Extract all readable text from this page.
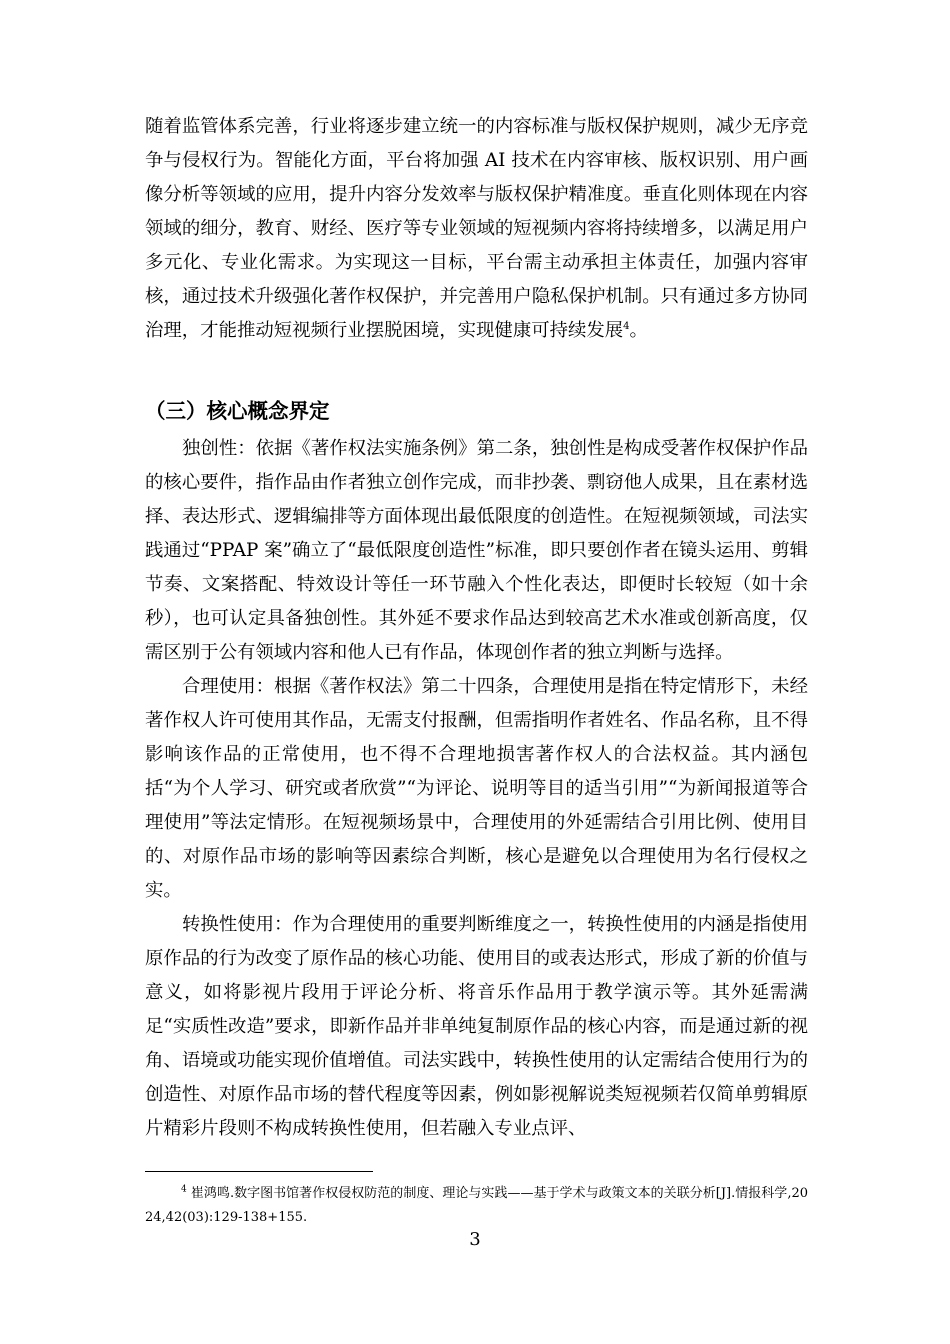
随着监管体系完善，行业将逐步建立统一的内容标准与版权保护规则，减少无序竞争与侵权行为。智能化方面，平台将加强 AI 技术在内容审核、版权识别、用户画像分析等领域的应用，提升内容分发效率与版权保护精准度。垂直化则体现在内容领域的细分，教育、财经、医疗等专业领域的短视频内容将持续增多，以满足用户多元化、专业化需求。为实现这一目标，平台需主动承担主体责任，加强内容审核，通过技术升级强化著作权保护，并完善用户隐私保护机制。只有通过多方协同治理，才能推动短视频行业摆脱困境，实现健康可持续发展$^4$。

（三）核心概念界定

独创性：依据《著作权法实施条例》第二条，独创性是构成受著作权保护作品的核心要件，指作品由作者独立创作完成，而非抄袭、剽窃他人成果，且在素材选择、表达形式、逻辑编排等方面体现出最低限度的创造性。在短视频领域，司法实践通过“PPAP 案”确立了“最低限度创造性”标准，即只要创作者在镜头运用、剪辑节奏、文案搭配、特效设计等任一环节融入个性化表达，即便时长较短（如十余秒），也可认定具备独创性。其外延不要求作品达到较高艺术水准或创新高度，仅需区别于公有领域内容和他人已有作品，体现创作者的独立判断与选择。

合理使用：根据《著作权法》第二十四条，合理使用是指在特定情形下，未经著作权人许可使用其作品，无需支付报酬，但需指明作者姓名、作品名称，且不得影响该作品的正常使用，也不得不合理地损害著作权人的合法权益。其内涵包括“为个人学习、研究或者欣赏”“为评论、说明等目的适当引用”“为新闻报道等合理使用”等法定情形。在短视频场景中，合理使用的外延需结合引用比例、使用目的、对原作品市场的影响等因素综合判断，核心是避免以合理使用为名行侵权之实。

转换性使用：作为合理使用的重要判断维度之一，转换性使用的内涵是指使用原作品的行为改变了原作品的核心功能、使用目的或表达形式，形成了新的价值与意义，如将影视片段用于评论分析、将音乐作品用于教学演示等。其外延需满足“实质性改造”要求，即新作品并非单纯复制原作品的核心内容，而是通过新的视角、语境或功能实现价值增值。司法实践中，转换性使用的认定需结合使用行为的创造性、对原作品市场的替代程度等因素，例如影视解说类短视频若仅简单剪辑原片精彩片段则不构成转换性使用，但若融入专业点评、

$^4$ 崔鸿鸣.数字图书馆著作权侵权防范的制度、理论与实践——基于学术与政策文本的关联分析[J].情报科学,2024,42(03):129-138+155.

3
